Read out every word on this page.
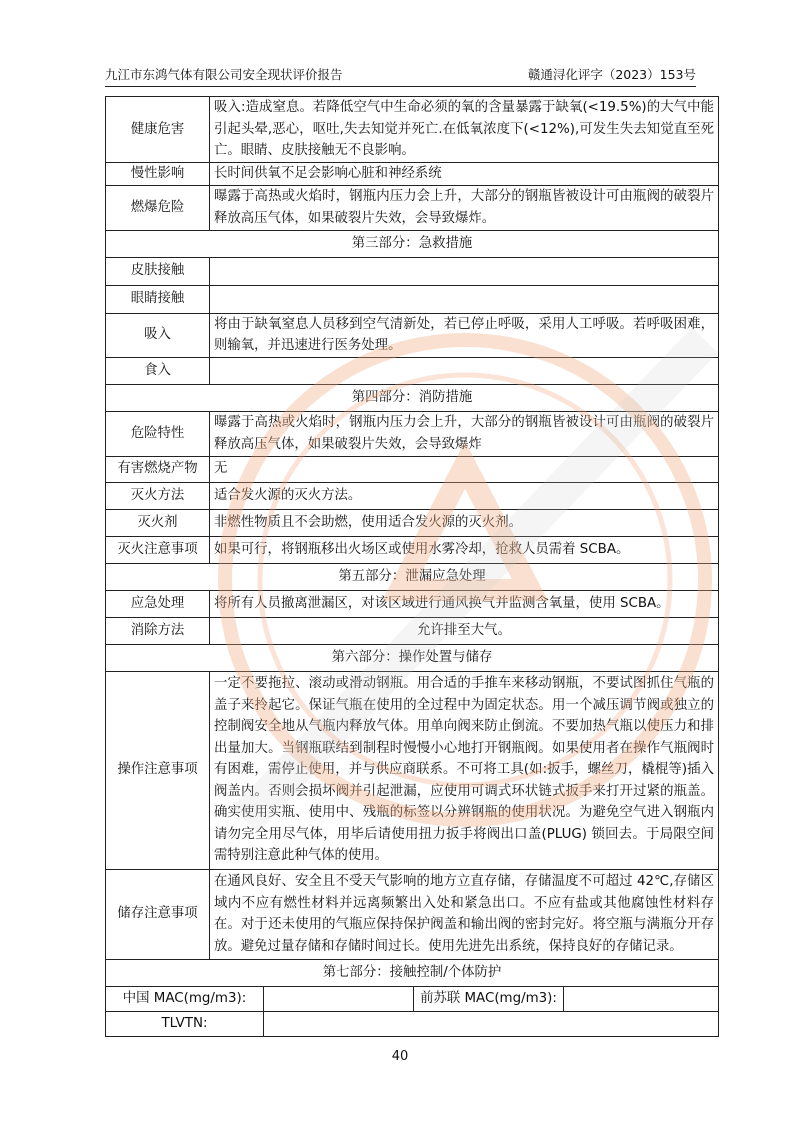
九江市东鸿气体有限公司安全现状评价报告	赣通浔化评字（2023）153号
健康危害	吸入:造成窒息。若降低空气中生命必须的氧的含量暴露于缺氧(<19.5%)的大气中能引起头晕,恶心，呕吐,失去知觉并死亡.在低氧浓度下(<12%),可发生失去知觉直至死亡。眼睛、皮肤接触无不良影响。			
慢性影响	长时间供氧不足会影响心脏和神经系统			
燃爆危险	曝露于高热或火焰时，钢瓶内压力会上升，大部分的钢瓶皆被设计可由瓶阀的破裂片释放高压气体，如果破裂片失效，会导致爆炸。			
第三部分：急救措施				
皮肤接触				
眼睛接触				
吸入	将由于缺氧窒息人员移到空气清新处，若已停止呼吸，采用人工呼吸。若呼吸困难，则输氧，并迅速进行医务处理。			
食入				
第四部分：消防措施				
危险特性	曝露于高热或火焰时，钢瓶内压力会上升，大部分的钢瓶皆被设计可由瓶阀的破裂片释放高压气体，如果破裂片失效，会导致爆炸			
有害燃烧产物	无			
灭火方法	适合发火源的灭火方法。			
灭火剂	非燃性物质且不会助燃，使用适合发火源的灭火剂。			
灭火注意事项	如果可行，将钢瓶移出火场区或使用水雾冷却，抢救人员需着 SCBA。			
第五部分：泄漏应急处理				
应急处理	将所有人员撤离泄漏区，对该区域进行通风换气并监测含氧量，使用 SCBA。			
消除方法	允许排至大气。			
第六部分：操作处置与储存				
操作注意事项	一定不要拖拉、滚动或滑动钢瓶。用合适的手推车来移动钢瓶，不要试图抓住气瓶的盖子来拎起它。保证气瓶在使用的全过程中为固定状态。用一个减压调节阀或独立的控制阀安全地从气瓶内释放气体。用单向阀来防止倒流。不要加热气瓶以使压力和排出量加大。当钢瓶联结到制程时慢慢小心地打开钢瓶阀。如果使用者在操作气瓶阀时有困难，需停止使用，并与供应商联系。不可将工具(如:扳手，螺丝刀，橇棍等)插入阀盖内。否则会损坏阀并引起泄漏，应使用可调式环状链式扳手来打开过紧的瓶盖。确实使用实瓶、使用中、残瓶的标签以分辨钢瓶的使用状况。为避免空气进入钢瓶内请勿完全用尽气体，用毕后请使用扭力扳手将阀出口盖(PLUG) 锁回去。于局限空间需特别注意此种气体的使用。			
储存注意事项	在通风良好、安全且不受天气影响的地方立直存储，存储温度不可超过 42℃,存储区域内不应有燃性材料并远离频繁出入处和紧急出口。不应有盐或其他腐蚀性材料存在。对于还未使用的气瓶应保持保护阀盖和输出阀的密封完好。将空瓶与满瓶分开存放。避免过量存储和存储时间过长。使用先进先出系统，保持良好的存储记录。			
第七部分：接触控制/个体防护				
中国 MAC(mg/m3):			前苏联 MAC(mg/m3):	
TLVTN:				
40
